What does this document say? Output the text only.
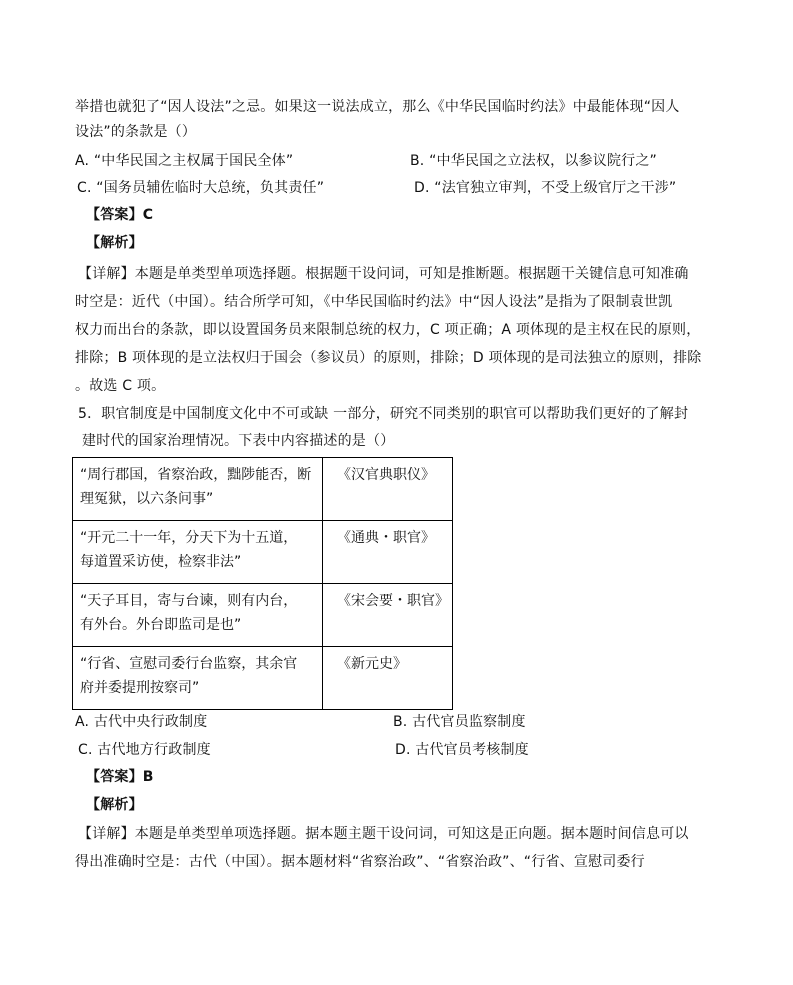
举措也就犯了“因人设法”之忌。如果这一说法成立，那么《中华民国临时约法》中最能体现“因人
设法”的条款是（）
A. “中华民国之主权属于国民全体”	B. “中华民国之立法权，以参议院行之”
C. “国务员辅佐临时大总统，负其责任”	D. “法官独立审判，不受上级官厅之干涉”
【答案】C
【解析】
【详解】本题是单类型单项选择题。根据题干设问词，可知是推断题。根据题干关键信息可知准确
时空是：近代（中国）。结合所学可知，《中华民国临时约法》中“因人设法”是指为了限制袁世凯
权力而出台的条款，即以设置国务员来限制总统的权力，C 项正确；A 项体现的是主权在民的原则，
排除；B 项体现的是立法权归于国会（参议员）的原则，排除；D 项体现的是司法独立的原则，排除
。故选 C 项。
5．职官制度是中国制度文化中不可或缺 一部分，研究不同类别的职官可以帮助我们更好的了解封
建时代的国家治理情况。下表中内容描述的是（）
“周行郡国，省察治政，黜陟能否，断
理冤狱，以六条问事”	《汉官典职仪》

“开元二十一年，分天下为十五道，
每道置采访使，检察非法”	《通典・职官》

“天子耳目，寄与台谏，则有内台，
有外台。外台即监司是也”	《宋会要・职官》

“行省、宣慰司委行台监察，其余官
府并委提刑按察司”	《新元史》
A. 古代中央行政制度	B. 古代官员监察制度
C. 古代地方行政制度	D. 古代官员考核制度
【答案】B
【解析】
【详解】本题是单类型单项选择题。据本题主题干设问词，可知这是正向题。据本题时间信息可以
得出准确时空是：古代（中国）。据本题材料“省察治政”、“省察治政”、“行省、宣慰司委行
